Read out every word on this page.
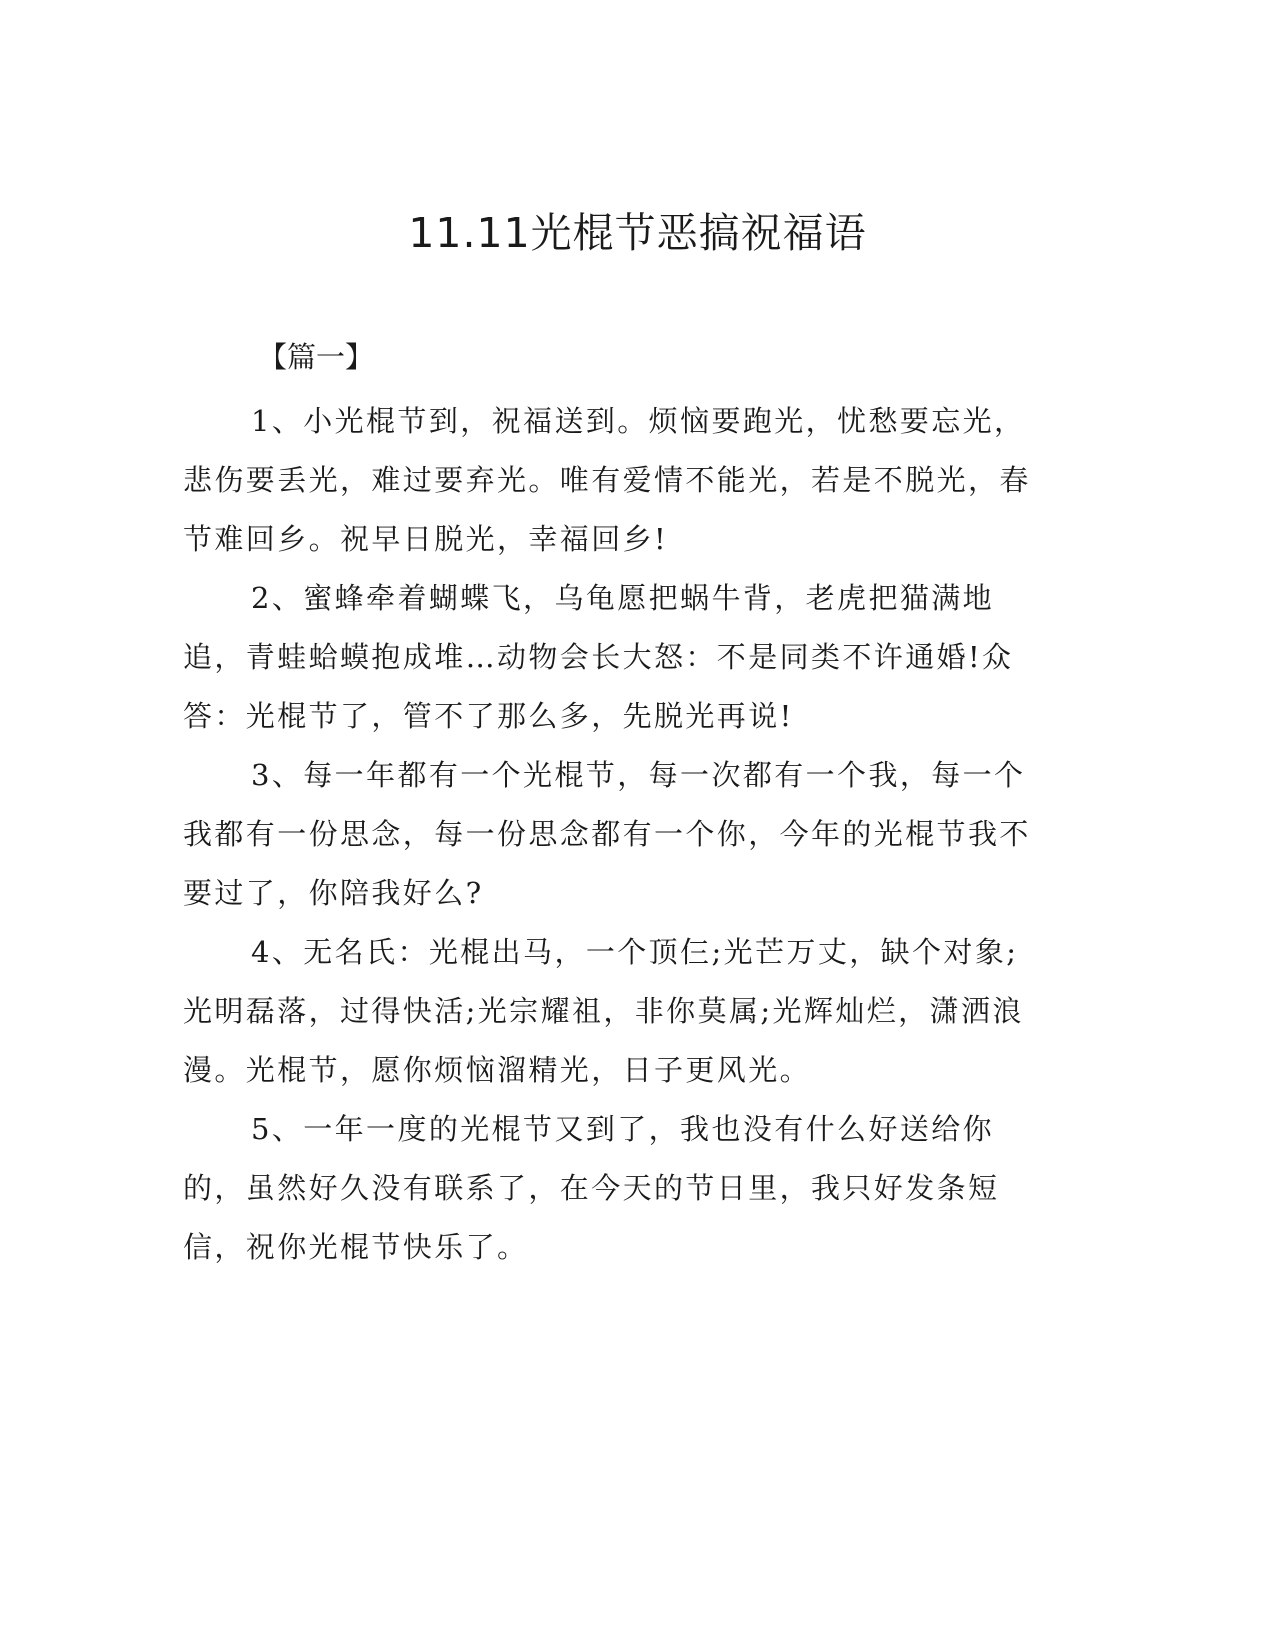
11.11光棍节恶搞祝福语
【篇一】

1、小光棍节到，祝福送到。烦恼要跑光，忧愁要忘光，悲伤要丢光，难过要弃光。唯有爱情不能光，若是不脱光，春节难回乡。祝早日脱光，幸福回乡!

2、蜜蜂牵着蝴蝶飞，乌龟愿把蜗牛背，老虎把猫满地追，青蛙蛤蟆抱成堆…动物会长大怒：不是同类不许通婚!众答：光棍节了，管不了那么多，先脱光再说!

3、每一年都有一个光棍节，每一次都有一个我，每一个我都有一份思念，每一份思念都有一个你，今年的光棍节我不要过了，你陪我好么?

4、无名氏：光棍出马，一个顶仨;光芒万丈，缺个对象;光明磊落，过得快活;光宗耀祖，非你莫属;光辉灿烂，潇洒浪漫。光棍节，愿你烦恼溜精光，日子更风光。

5、一年一度的光棍节又到了，我也没有什么好送给你的，虽然好久没有联系了，在今天的节日里，我只好发条短信，祝你光棍节快乐了。
